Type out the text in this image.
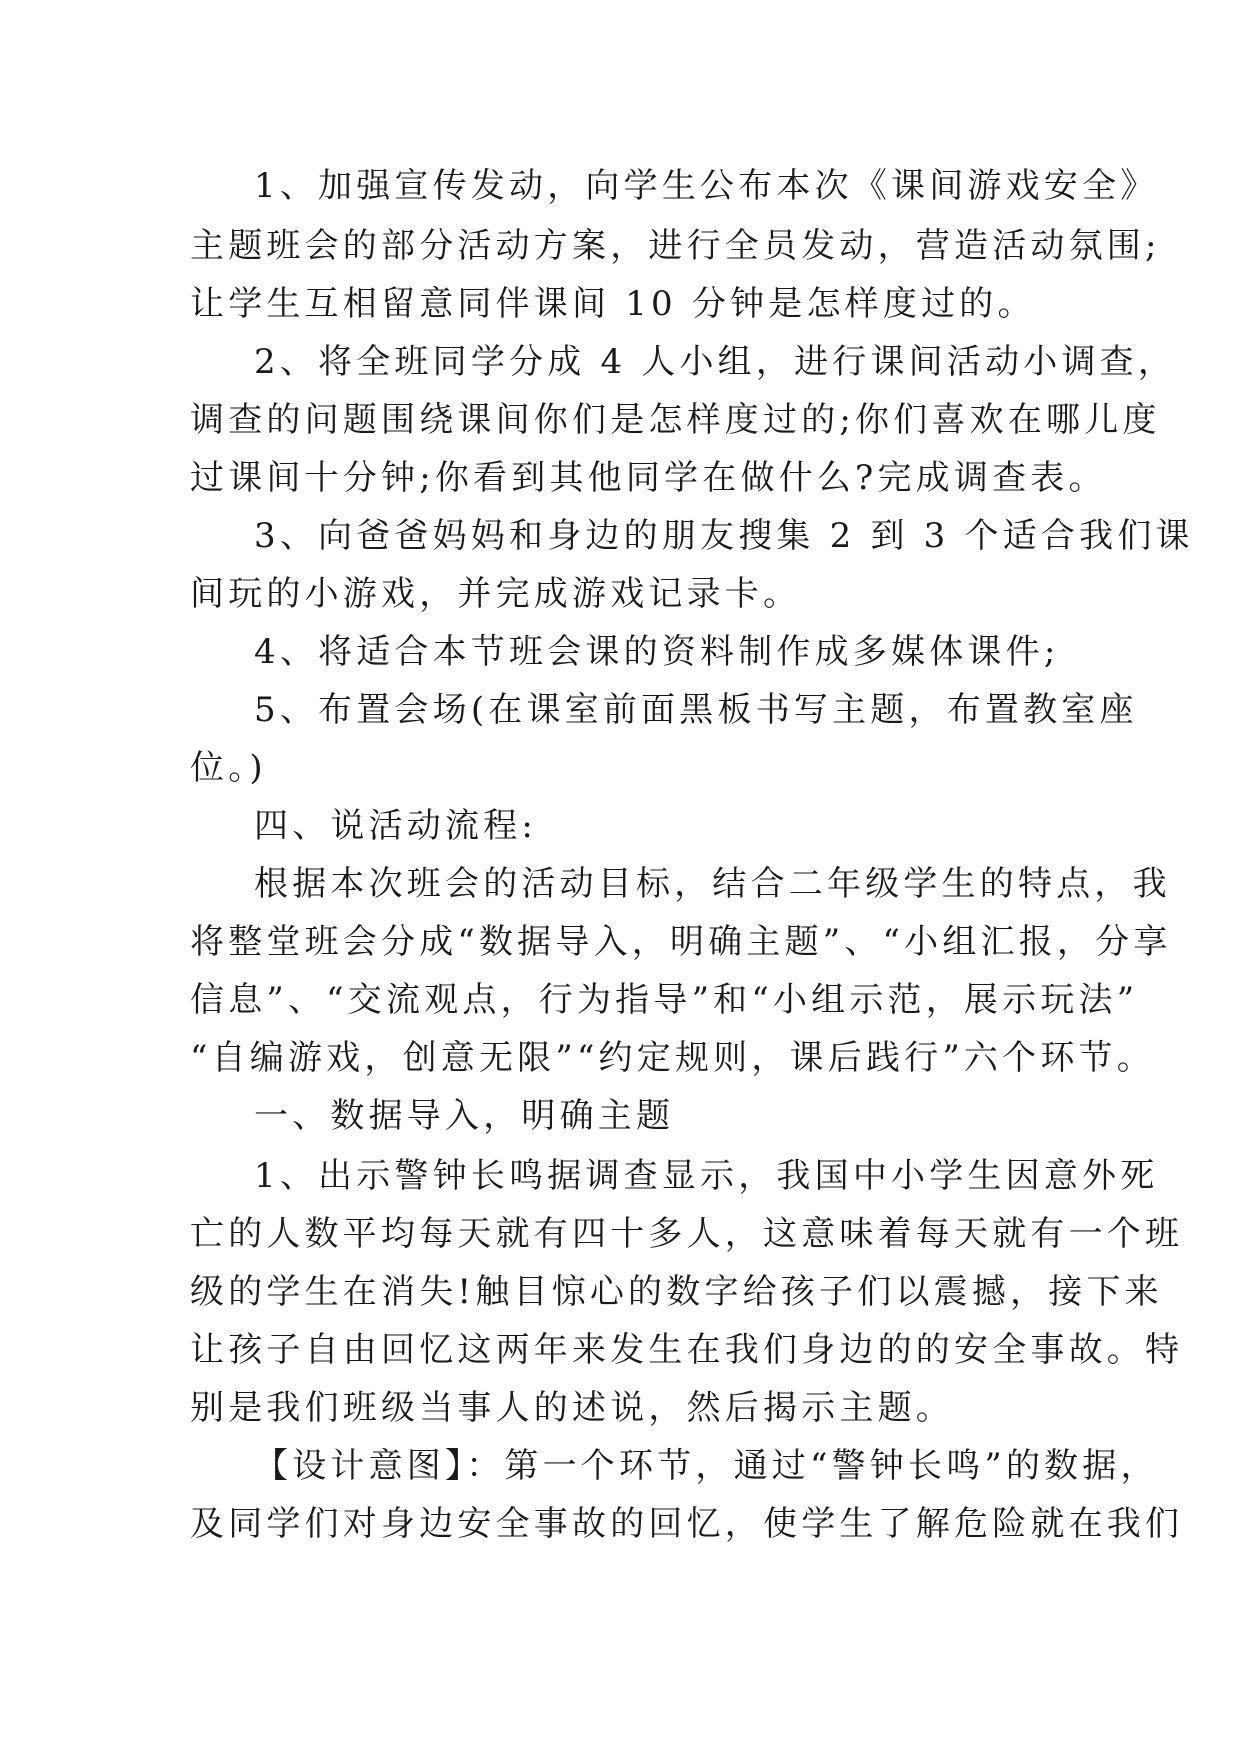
1、加强宣传发动，向学生公布本次《课间游戏安全》
主题班会的部分活动方案，进行全员发动，营造活动氛围;
让学生互相留意同伴课间 10 分钟是怎样度过的。
2、将全班同学分成 4 人小组，进行课间活动小调查，
调查的问题围绕课间你们是怎样度过的;你们喜欢在哪儿度
过课间十分钟;你看到其他同学在做什么?完成调查表。
3、向爸爸妈妈和身边的朋友搜集 2 到 3 个适合我们课
间玩的小游戏，并完成游戏记录卡。
4、将适合本节班会课的资料制作成多媒体课件;
5、布置会场(在课室前面黑板书写主题，布置教室座
位。)
四、说活动流程:
根据本次班会的活动目标，结合二年级学生的特点，我
将整堂班会分成“数据导入，明确主题”、“小组汇报，分享
信息”、“交流观点，行为指导”和“小组示范，展示玩法”
“自编游戏，创意无限”“约定规则，课后践行”六个环节。
一、数据导入，明确主题
1、出示警钟长鸣据调查显示，我国中小学生因意外死
亡的人数平均每天就有四十多人，这意味着每天就有一个班
级的学生在消失!触目惊心的数字给孩子们以震撼，接下来
让孩子自由回忆这两年来发生在我们身边的的安全事故。特
别是我们班级当事人的述说，然后揭示主题。
【设计意图】：第一个环节，通过“警钟长鸣”的数据，
及同学们对身边安全事故的回忆，使学生了解危险就在我们
